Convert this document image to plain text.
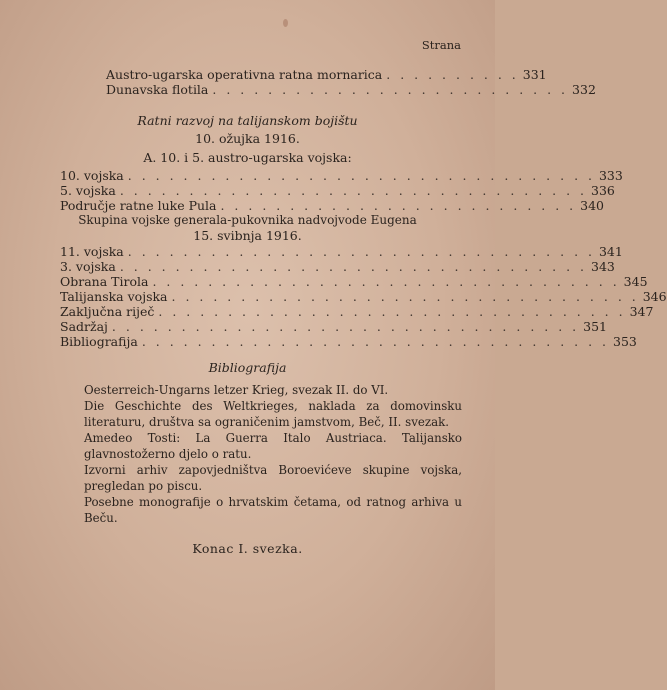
Strana
Austro-ugarska operativna ratna mornarica . . . . . . . . . . 331
Dunavska flotila . . . . . . . . . . . . . . . . . . . . . . . . . . 332
Ratni razvoj na talijanskom bojištu
10. ožujka 1916.
A. 10. i 5. austro-ugarska vojska:
10. vojska . . . . . . . . . . . . . . . . . . . . . . . . . . . . . . . . . . 333
5. vojska . . . . . . . . . . . . . . . . . . . . . . . . . . . . . . . . . . 336
Područje ratne luke Pula . . . . . . . . . . . . . . . . . . . . . . . . . . 340
Skupina vojske generala-pukovnika nadvojvode Eugena
15. svibnja 1916.
11. vojska . . . . . . . . . . . . . . . . . . . . . . . . . . . . . . . . . . 341
3. vojska . . . . . . . . . . . . . . . . . . . . . . . . . . . . . . . . . . 343
Obrana Tirola . . . . . . . . . . . . . . . . . . . . . . . . . . . . . . . . . . 345
Talijanska vojska . . . . . . . . . . . . . . . . . . . . . . . . . . . . . . . . . . 346
Zaključna riječ . . . . . . . . . . . . . . . . . . . . . . . . . . . . . . . . . . 347
Sadržaj . . . . . . . . . . . . . . . . . . . . . . . . . . . . . . . . . . 351
Bibliografija . . . . . . . . . . . . . . . . . . . . . . . . . . . . . . . . . . 353
Bibliografija
Oesterreich-Ungarns letzer Krieg, svezak II. do VI.
Die Geschichte des Weltkrieges, naklada za domovinsku literaturu, društva sa ograničenim jamstvom, Beč, II. svezak.
Amedeo Tosti: La Guerra Italo Austriaca. Talijansko glavnostožerno djelo o ratu.
Izvorni arhiv zapovjedništva Boroevićeve skupine vojska, pregledan po piscu.
Posebne monografije o hrvatskim četama, od ratnog arhiva u Beču.
Konac I. svezka.
